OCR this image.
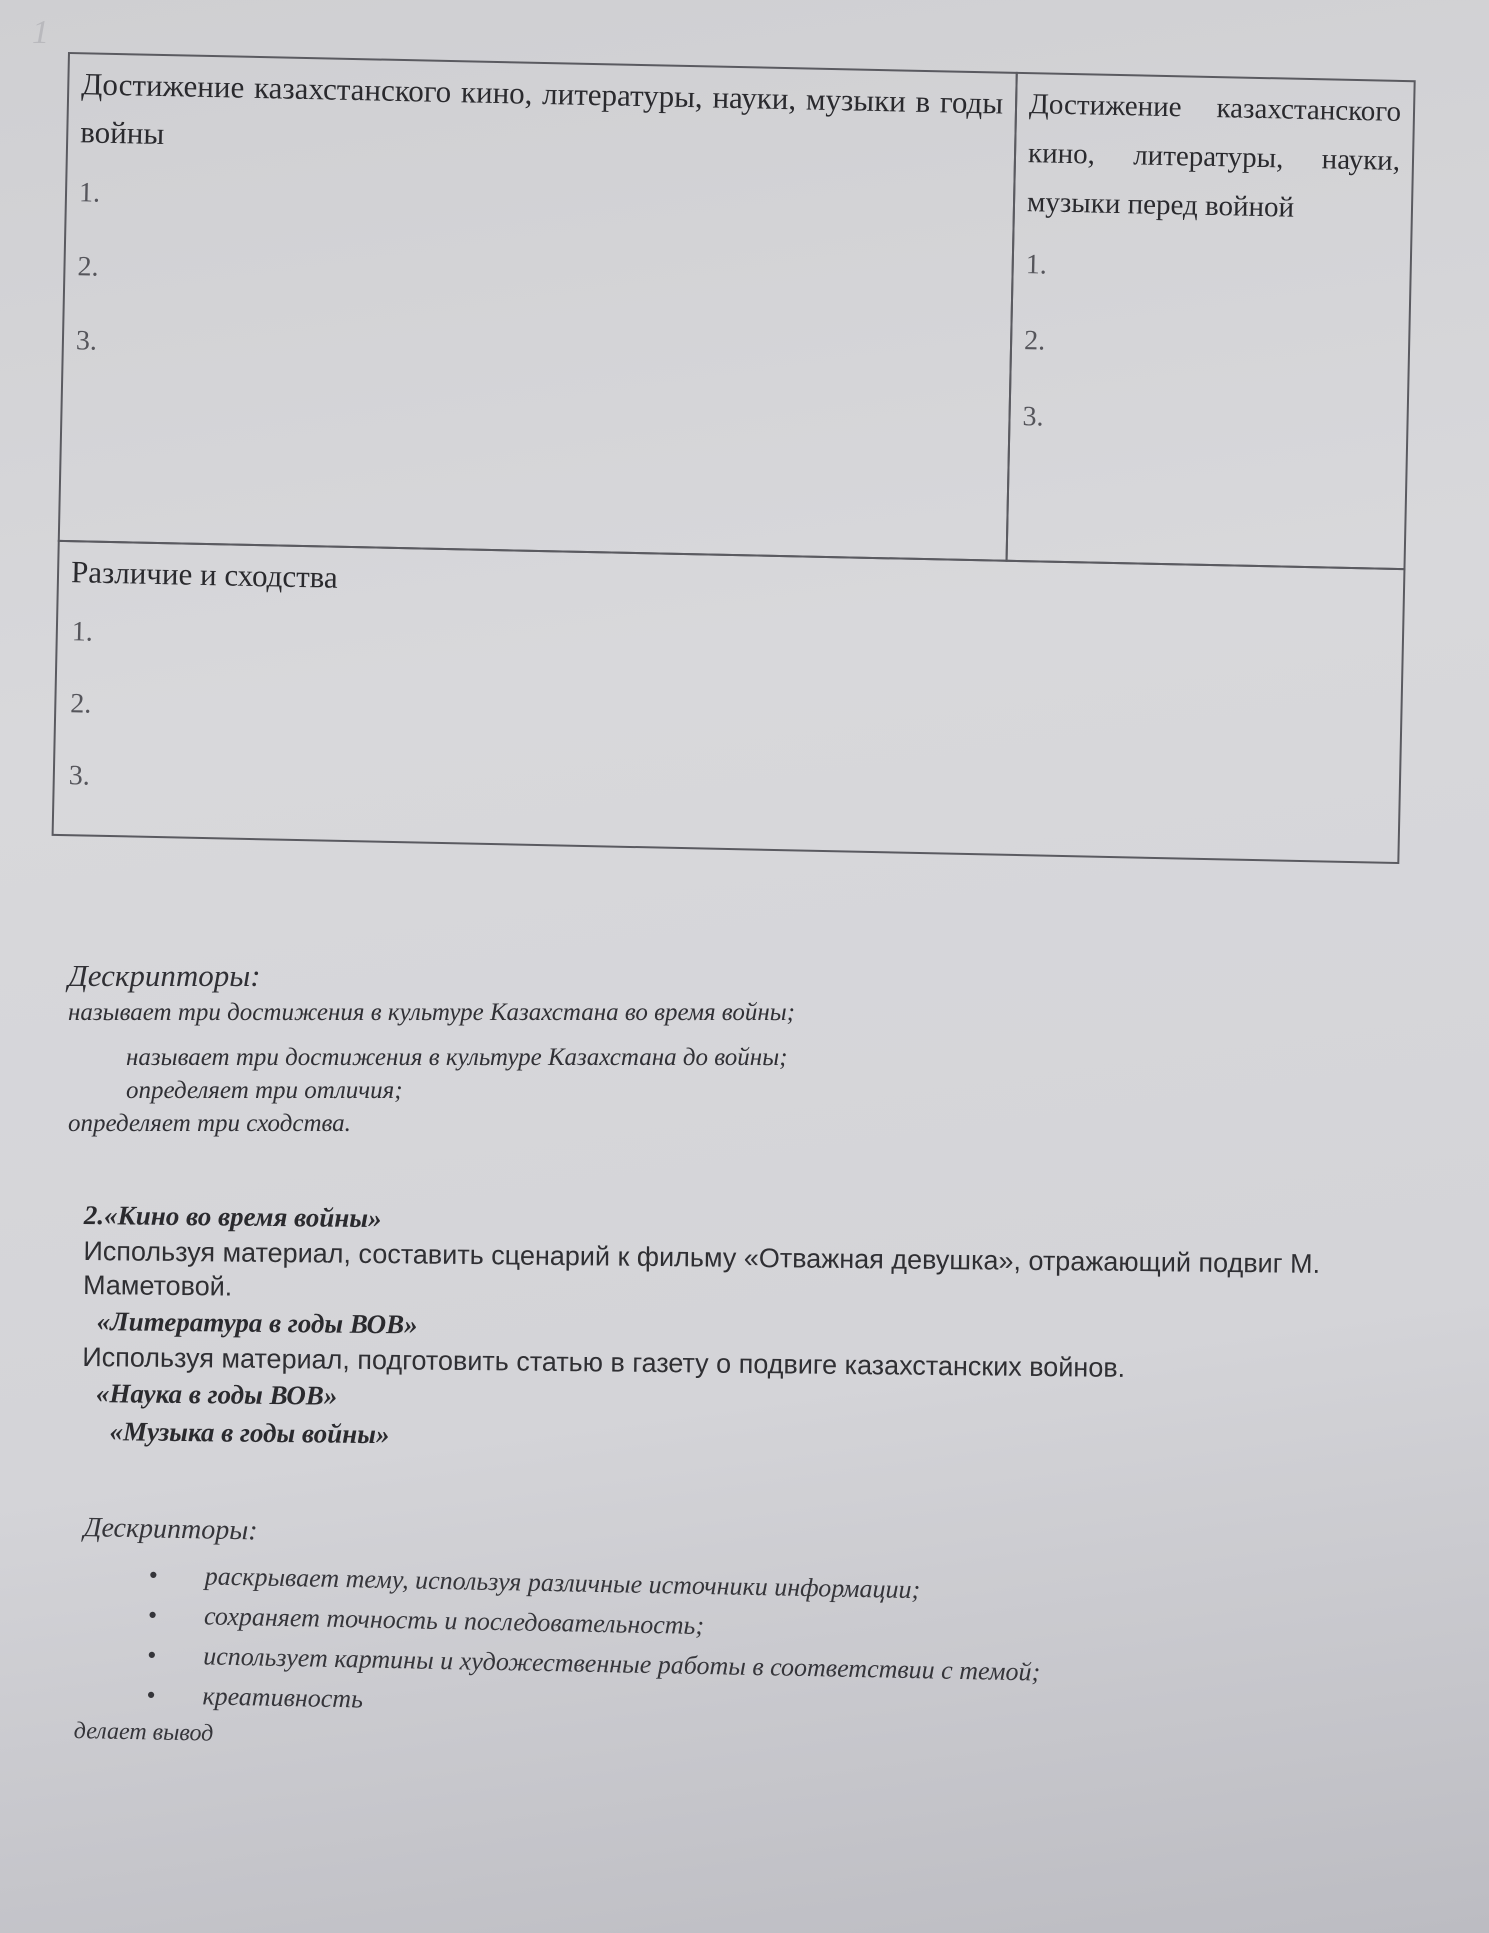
1
Достижение казахстанского кино, литературы, науки, музыки в годы войны
1.
2.
3.
Достижение казахстанского кино, литературы, науки, музыки перед войной
1.
2.
3.
Различие и сходства
1.
2.
3.
Дескрипторы:
называет три достижения в культуре Казахстана во время войны;
называет три достижения в культуре Казахстана до войны;
определяет три отличия;
определяет три сходства.
2.«Кино во время войны»
Используя материал, составить сценарий к фильму «Отважная девушка», отражающий подвиг М. Маметовой.
«Литература в годы ВОВ»
Используя материал, подготовить статью в газету о подвиге казахстанских войнов.
«Наука в годы ВОВ»
«Музыка в годы войны»
Дескрипторы:
• раскрывает тему, используя различные источники информации;
• сохраняет точность и последовательность;
• использует картины и художественные работы в соответствии с темой;
• креативность
делает вывод
